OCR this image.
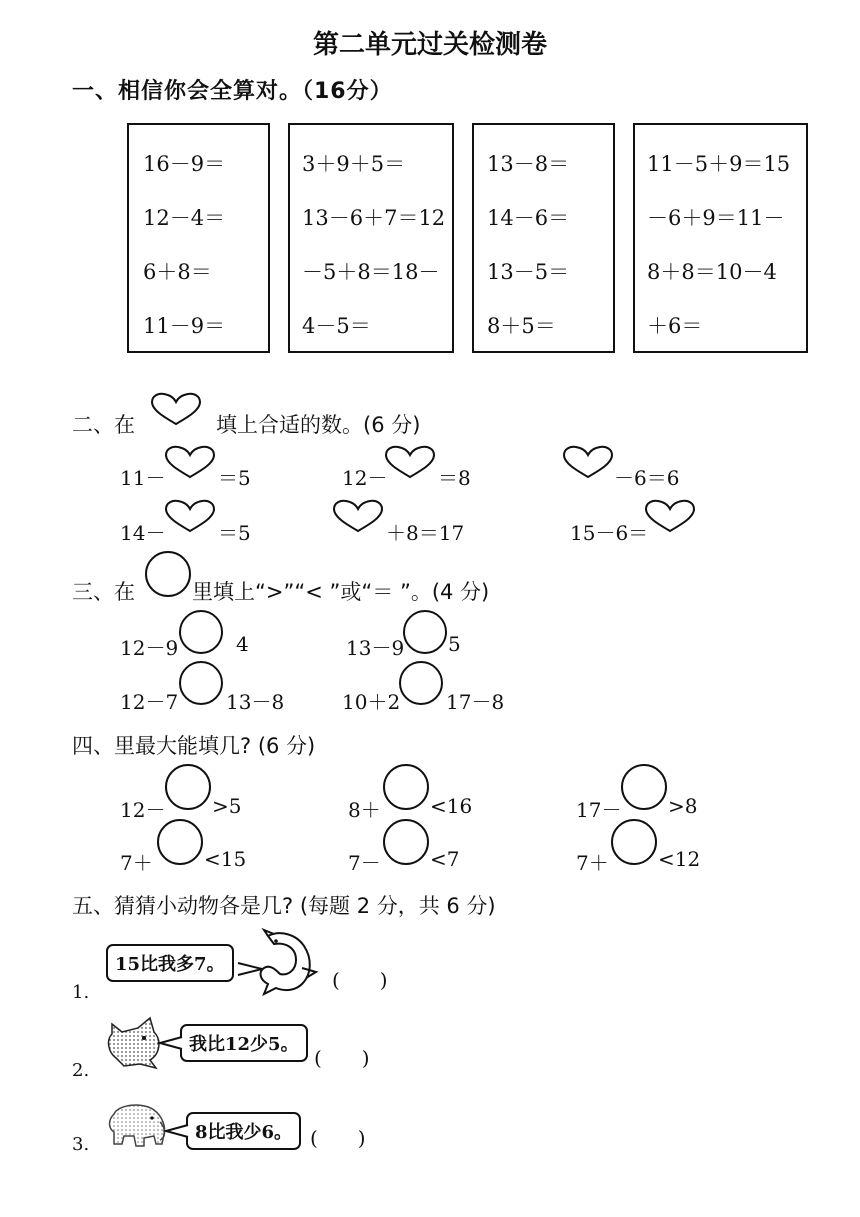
第二单元过关检测卷
一、相信你会全算对。（16分）
16－9＝
12－4＝
6＋8＝
11－9＝
3＋9＋5＝
13－6＋7＝12
－5＋8＝18－
4－5＝
13－8＝
14－6＝
13－5＝
8＋5＝
11－5＋9＝15
－6＋9＝11－
8＋8＝10－4
＋6＝
二、在	填上合适的数。(6 分)
11－	＝5	12－	＝8	－6＝6
14－	＝5	＋8＝17	15－6＝
三、在	里填上“>”“< ”或“＝ ”。(4 分)
12－9	4	13－9 5
12－7 13－8	10＋2 17－8
四、里最大能填几? (6 分)
12－ >5	8＋ <16	17－ >8
7＋	<15	7－ <7	7＋ <12
五、猜猜小动物各是几? (每题 2 分，共 6 分)
1.
15比我多7。
(　　)
2.
我比12少5。
(　　)
3.
8比我少6。 (　　)
